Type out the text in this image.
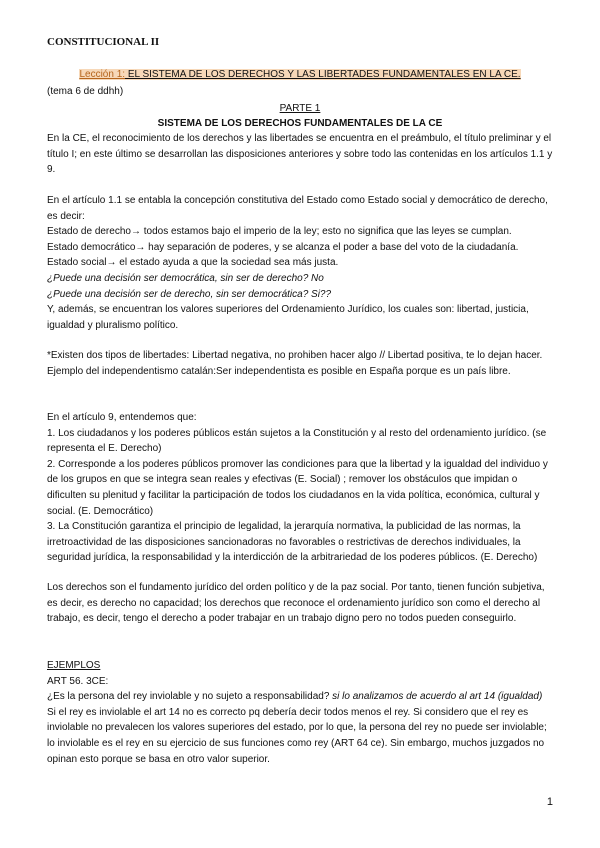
CONSTITUCIONAL II
Lección 1: EL SISTEMA DE LOS DERECHOS Y LAS LIBERTADES FUNDAMENTALES EN LA CE.
(tema 6 de ddhh)
PARTE 1
SISTEMA DE LOS DERECHOS FUNDAMENTALES DE LA CE

En la CE, el reconocimiento de los derechos y las libertades se encuentra en el preámbulo, el título preliminar y el título I; en este último se desarrollan las disposiciones anteriores y sobre todo las contenidas en los artículos 1.1 y 9.

En el artículo 1.1 se entabla la concepción constitutiva del Estado como Estado social y democrático de derecho, es decir:

Estado de derecho→ todos estamos bajo el imperio de la ley; esto no significa que las leyes se cumplan.

Estado democrático→ hay separación de poderes, y se alcanza el poder a base del voto de la ciudadanía.

Estado social→ el estado ayuda a que la sociedad sea más justa.

¿Puede una decisión ser democrática, sin ser de derecho? No

¿Puede una decisión ser de derecho, sin ser democrática? Si??

Y, además, se encuentran los valores superiores del Ordenamiento Jurídico, los cuales son: libertad, justicia, igualdad y pluralismo político.

*Existen dos tipos de libertades: Libertad negativa, no prohiben hacer algo // Libertad positiva, te lo dejan hacer. Ejemplo del independentismo catalán:Ser independentista es posible en España porque es un país libre.

En el artículo 9, entendemos que:

1. Los ciudadanos y los poderes públicos están sujetos a la Constitución y al resto del ordenamiento jurídico. (se representa el E. Derecho)

2. Corresponde a los poderes públicos promover las condiciones para que la libertad y la igualdad del individuo y de los grupos en que se integra sean reales y efectivas (E. Social) ; remover los obstáculos que impidan o dificulten su plenitud y facilitar la participación de todos los ciudadanos en la vida política, económica, cultural y social. (E. Democrático)

3. La Constitución garantiza el principio de legalidad, la jerarquía normativa, la publicidad de las normas, la irretroactividad de las disposiciones sancionadoras no favorables o restrictivas de derechos individuales, la seguridad jurídica, la responsabilidad y la interdicción de la arbitrariedad de los poderes públicos. (E. Derecho)

Los derechos son el fundamento jurídico del orden político y de la paz social. Por tanto, tienen función subjetiva, es decir, es derecho no capacidad; los derechos que reconoce el ordenamiento jurídico son como el derecho al trabajo, es decir, tengo el derecho a poder trabajar en un trabajo digno pero no todos pueden conseguirlo.

EJEMPLOS

ART 56. 3CE:

¿Es la persona del rey inviolable y no sujeto a responsabilidad? si lo analizamos de acuerdo al art 14 (igualdad)

Si el rey es inviolable el art 14 no es correcto pq debería decir todos menos el rey. Si considero que el rey es inviolable no prevalecen los valores superiores del estado, por lo que, la persona del rey no puede ser inviolable; lo inviolable es el rey en su ejercicio de sus funciones como rey (ART 64 ce). Sin embargo, muchos juzgados no opinan esto porque se basa en otro valor superior.

1
